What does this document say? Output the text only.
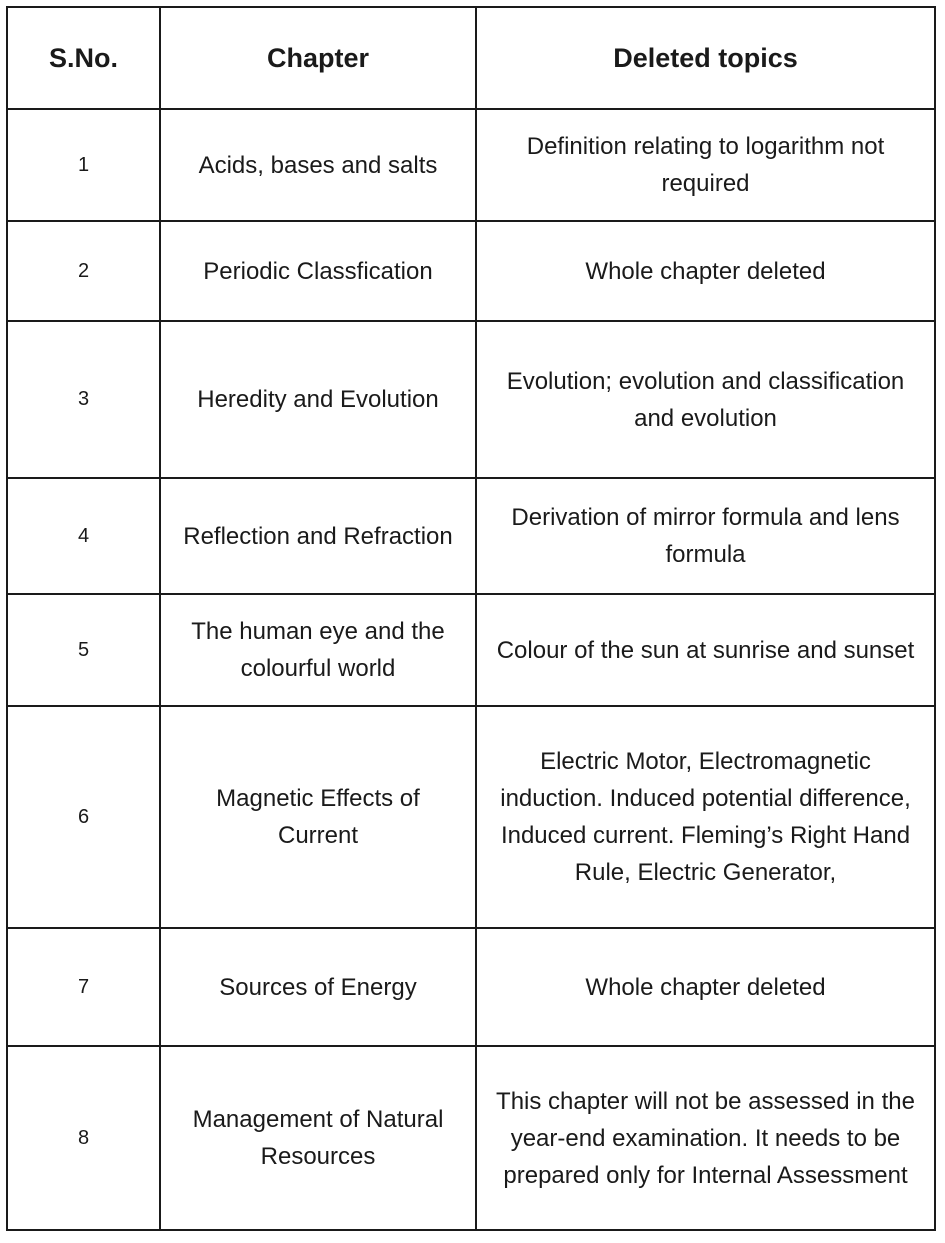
S.No.	Chapter	Deleted topics
1	Acids, bases and salts	Definition relating to logarithm not required
2	Periodic Classfication	Whole chapter deleted
3	Heredity and Evolution	Evolution; evolution and classification and evolution
4	Reflection and Refraction	Derivation of mirror formula and lens formula
5	The human eye and the colourful world	Colour of the sun at sunrise and sunset
6	Magnetic Effects of Current	Electric Motor, Electromagnetic induction. Induced potential difference, Induced current. Fleming’s Right Hand Rule, Electric Generator,
7	Sources of Energy	Whole chapter deleted
8	Management of Natural Resources	This chapter will not be assessed in the year-end examination. It needs to be prepared only for Internal Assessment
